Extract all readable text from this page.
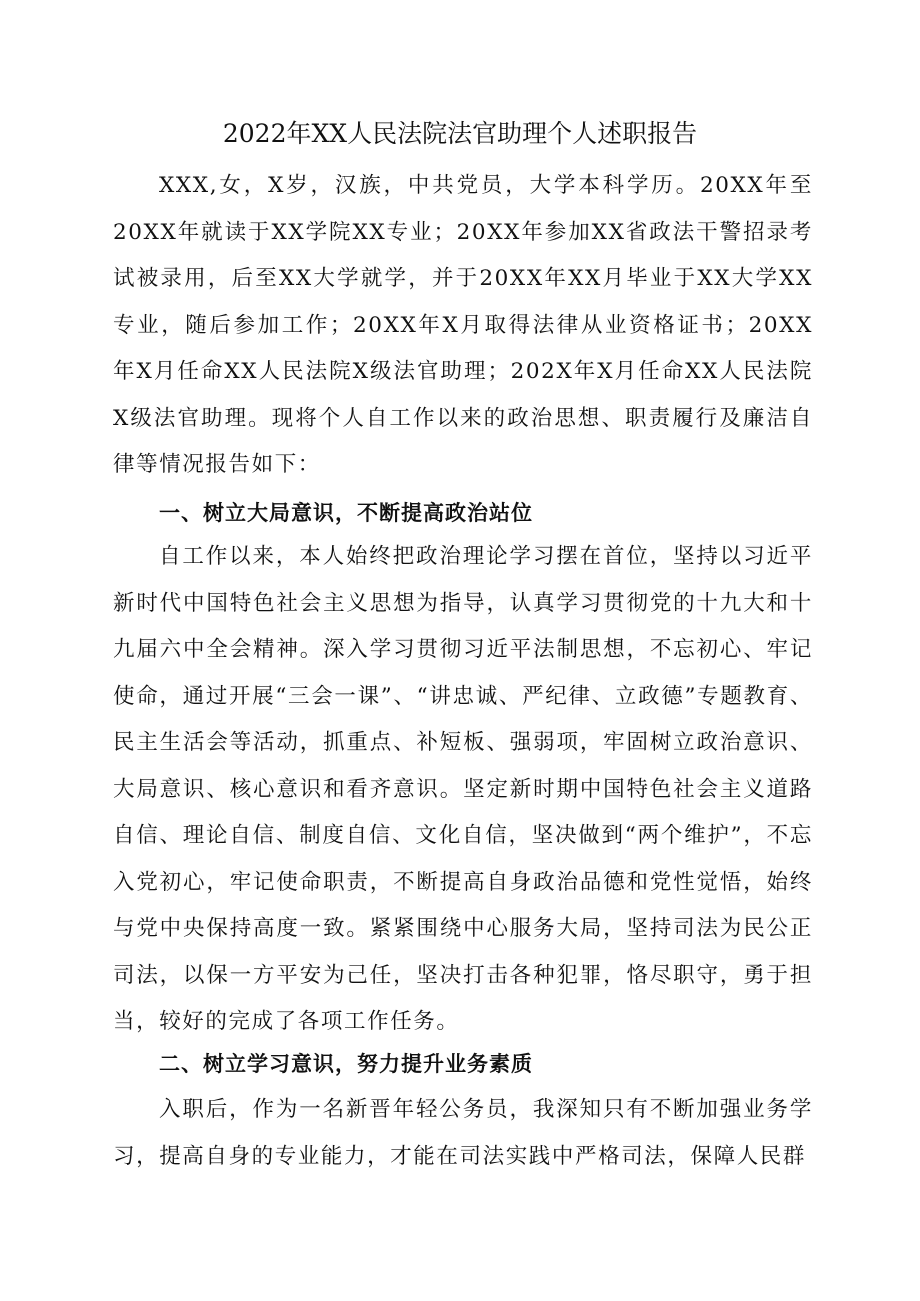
2022年XX人民法院法官助理个人述职报告

XXX,女，X岁，汉族，中共党员，大学本科学历。20XX年至20XX年就读于XX学院XX专业；20XX年参加XX省政法干警招录考试被录用，后至XX大学就学，并于20XX年XX月毕业于XX大学XX专业，随后参加工作；20XX年X月取得法律从业资格证书；20XX年X月任命XX人民法院X级法官助理；202X年X月任命XX人民法院X级法官助理。现将个人自工作以来的政治思想、职责履行及廉洁自律等情况报告如下：

一、树立大局意识，不断提高政治站位

自工作以来，本人始终把政治理论学习摆在首位，坚持以习近平新时代中国特色社会主义思想为指导，认真学习贯彻党的十九大和十九届六中全会精神。深入学习贯彻习近平法制思想，不忘初心、牢记使命，通过开展“三会一课”、“讲忠诚、严纪律、立政德”专题教育、民主生活会等活动，抓重点、补短板、强弱项，牢固树立政治意识、大局意识、核心意识和看齐意识。坚定新时期中国特色社会主义道路自信、理论自信、制度自信、文化自信，坚决做到“两个维护”，不忘入党初心，牢记使命职责，不断提高自身政治品德和党性觉悟，始终与党中央保持高度一致。紧紧围绕中心服务大局，坚持司法为民公正司法，以保一方平安为己任，坚决打击各种犯罪，恪尽职守，勇于担当，较好的完成了各项工作任务。

二、树立学习意识，努力提升业务素质

入职后，作为一名新晋年轻公务员，我深知只有不断加强业务学习，提高自身的专业能力，才能在司法实践中严格司法，保障人民群
